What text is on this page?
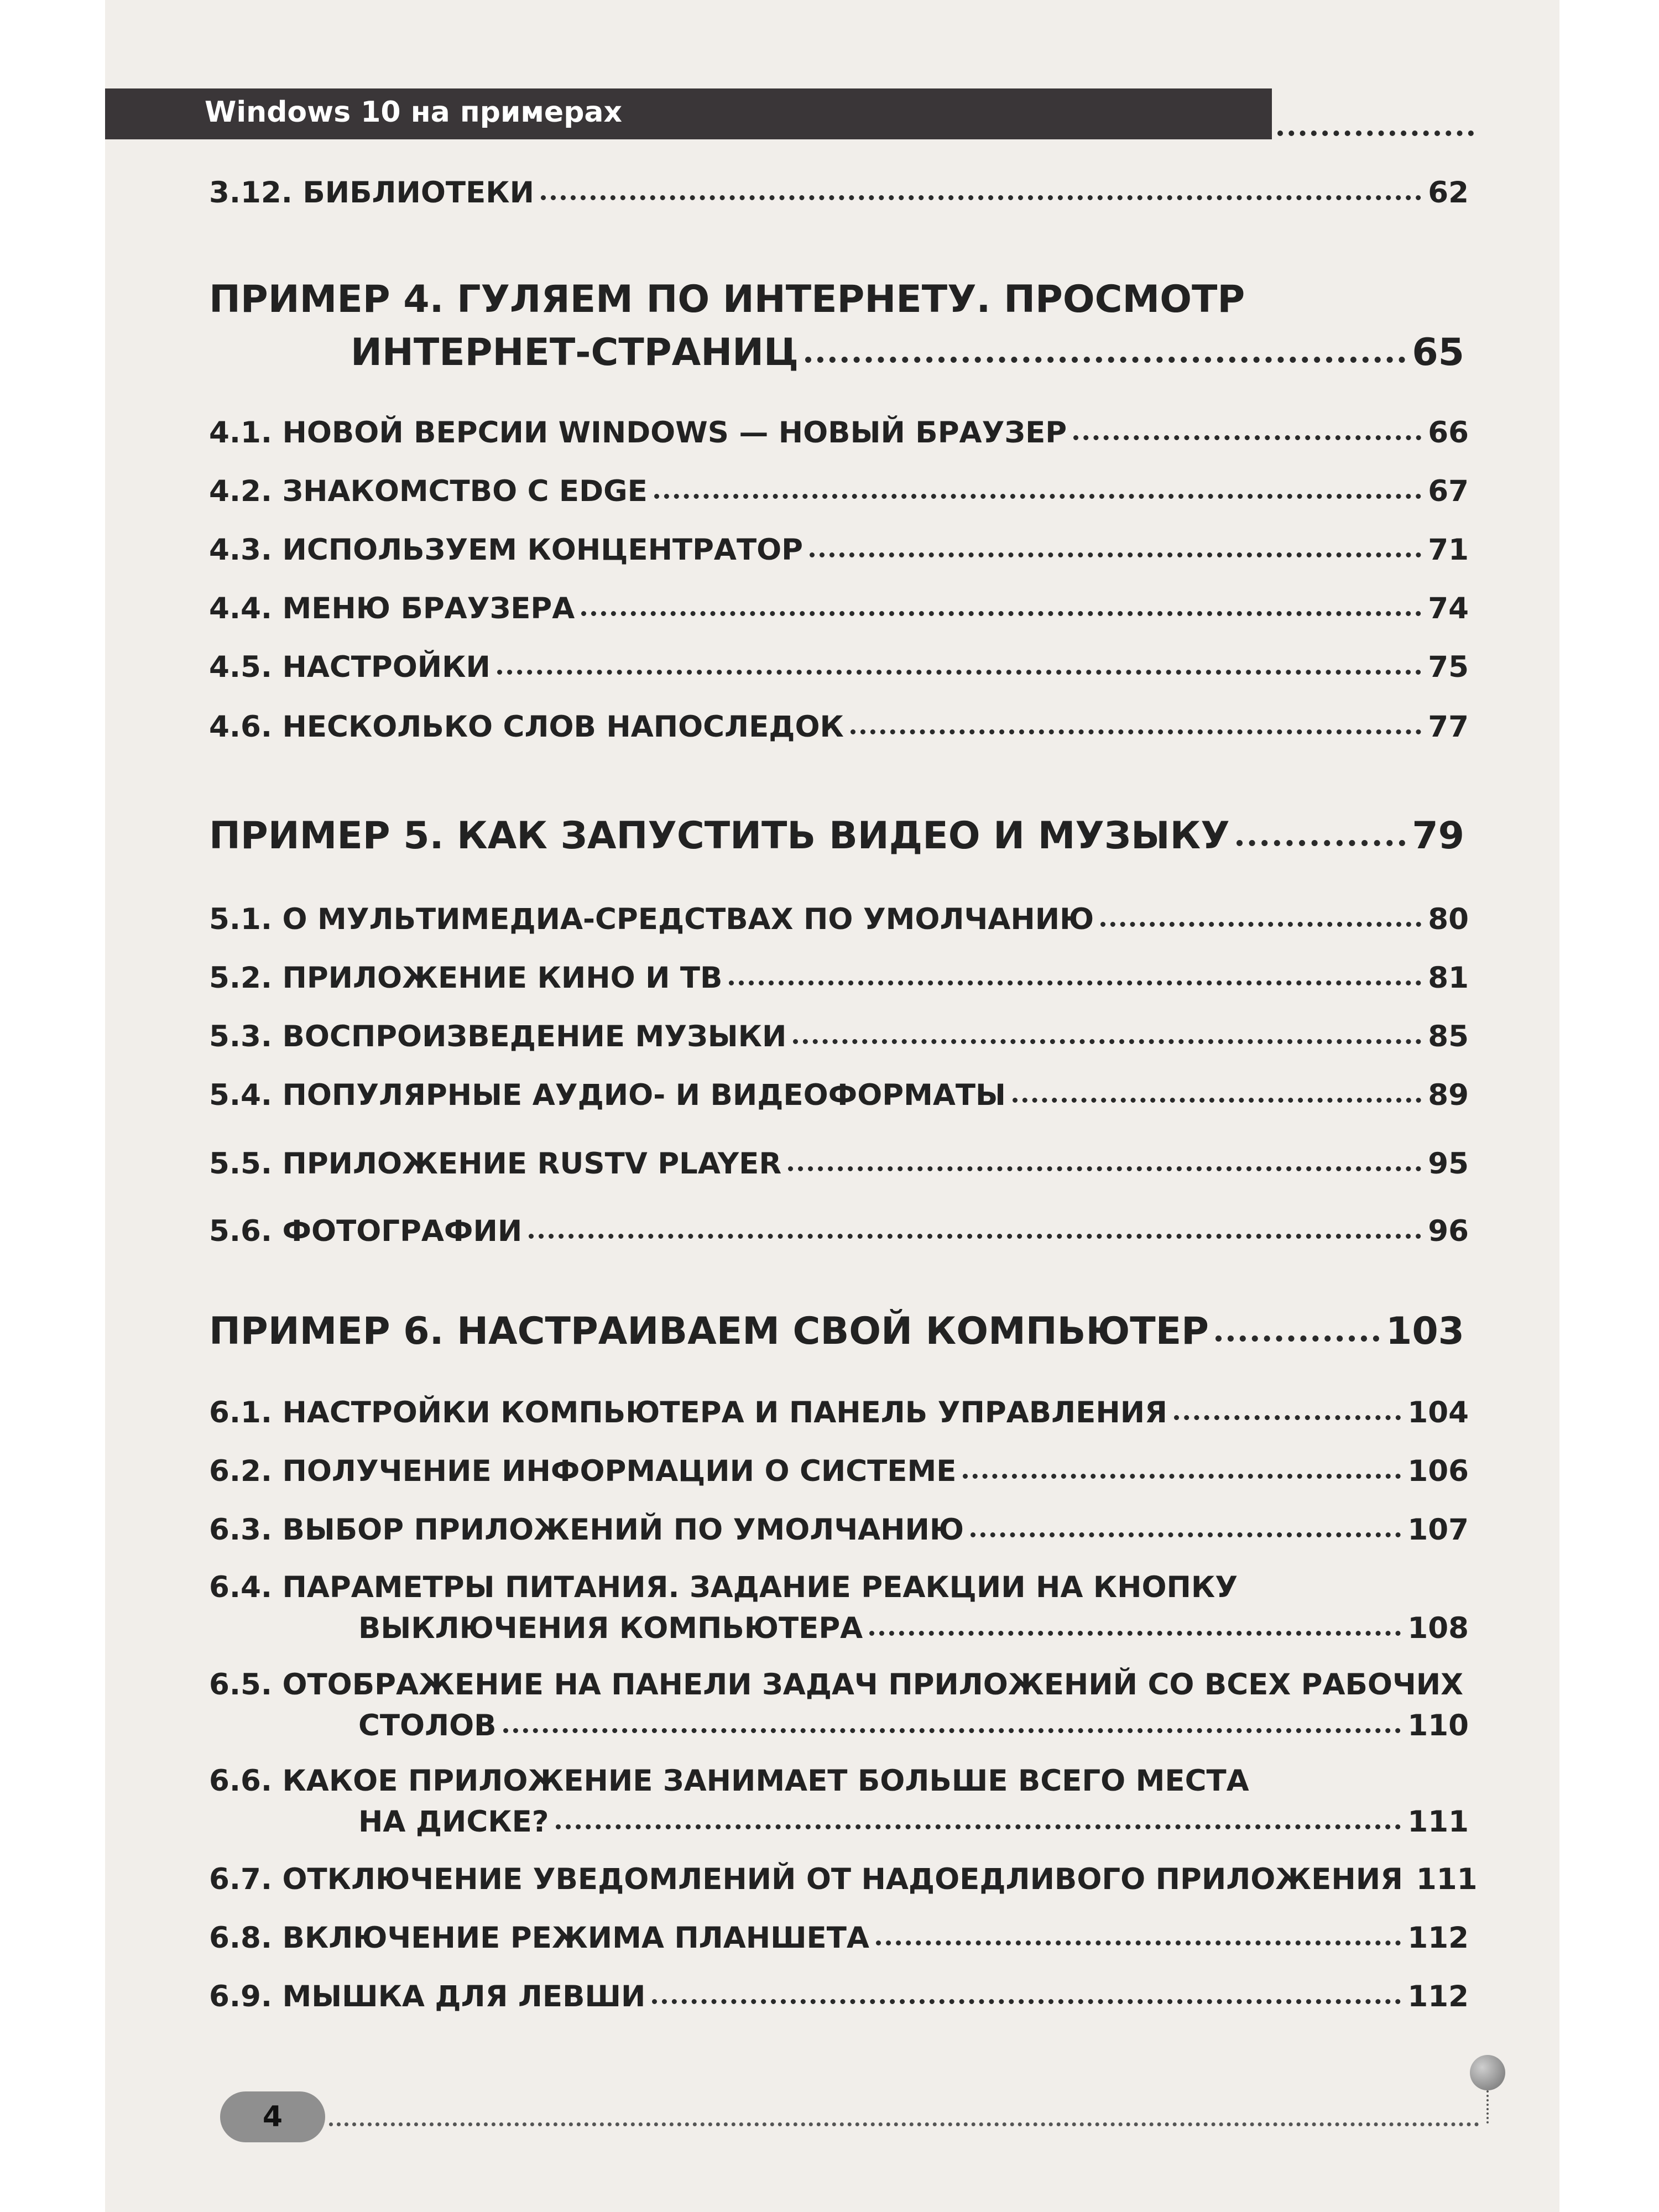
Windows 10 на примерах
3.12. БИБЛИОТЕКИ	62
ПРИМЕР 4. ГУЛЯЕМ ПО ИНТЕРНЕТУ. ПРОСМОТР
ИНТЕРНЕТ-СТРАНИЦ	65
4.1. НОВОЙ ВЕРСИИ WINDOWS — НОВЫЙ БРАУЗЕР	66
4.2. ЗНАКОМСТВО С EDGE	67
4.3. ИСПОЛЬЗУЕМ КОНЦЕНТРАТОР	71
4.4. МЕНЮ БРАУЗЕРА	74
4.5. НАСТРОЙКИ	75
4.6. НЕСКОЛЬКО СЛОВ НАПОСЛЕДОК	77
ПРИМЕР 5. КАК ЗАПУСТИТЬ ВИДЕО И МУЗЫКУ	79
5.1. О МУЛЬТИМЕДИА-СРЕДСТВАХ ПО УМОЛЧАНИЮ	80
5.2. ПРИЛОЖЕНИЕ КИНО И ТВ	81
5.3. ВОСПРОИЗВЕДЕНИЕ МУЗЫКИ	85
5.4. ПОПУЛЯРНЫЕ АУДИО- И ВИДЕОФОРМАТЫ	89
5.5. ПРИЛОЖЕНИЕ RUSTV PLAYER	95
5.6. ФОТОГРАФИИ	96
ПРИМЕР 6. НАСТРАИВАЕМ СВОЙ КОМПЬЮТЕР	103
6.1. НАСТРОЙКИ КОМПЬЮТЕРА И ПАНЕЛЬ УПРАВЛЕНИЯ	104
6.2. ПОЛУЧЕНИЕ ИНФОРМАЦИИ О СИСТЕМЕ	106
6.3. ВЫБОР ПРИЛОЖЕНИЙ ПО УМОЛЧАНИЮ	107
6.4. ПАРАМЕТРЫ ПИТАНИЯ. ЗАДАНИЕ РЕАКЦИИ НА КНОПКУ
ВЫКЛЮЧЕНИЯ КОМПЬЮТЕРА	108
6.5. ОТОБРАЖЕНИЕ НА ПАНЕЛИ ЗАДАЧ ПРИЛОЖЕНИЙ СО ВСЕХ РАБОЧИХ
СТОЛОВ	110
6.6. КАКОЕ ПРИЛОЖЕНИЕ ЗАНИМАЕТ БОЛЬШЕ ВСЕГО МЕСТА
НА ДИСКЕ?	111
6.7. ОТКЛЮЧЕНИЕ УВЕДОМЛЕНИЙ ОТ НАДОЕДЛИВОГО ПРИЛОЖЕНИЯ 111
6.8. ВКЛЮЧЕНИЕ РЕЖИМА ПЛАНШЕТА	112
6.9. МЫШКА ДЛЯ ЛЕВШИ	112
4
